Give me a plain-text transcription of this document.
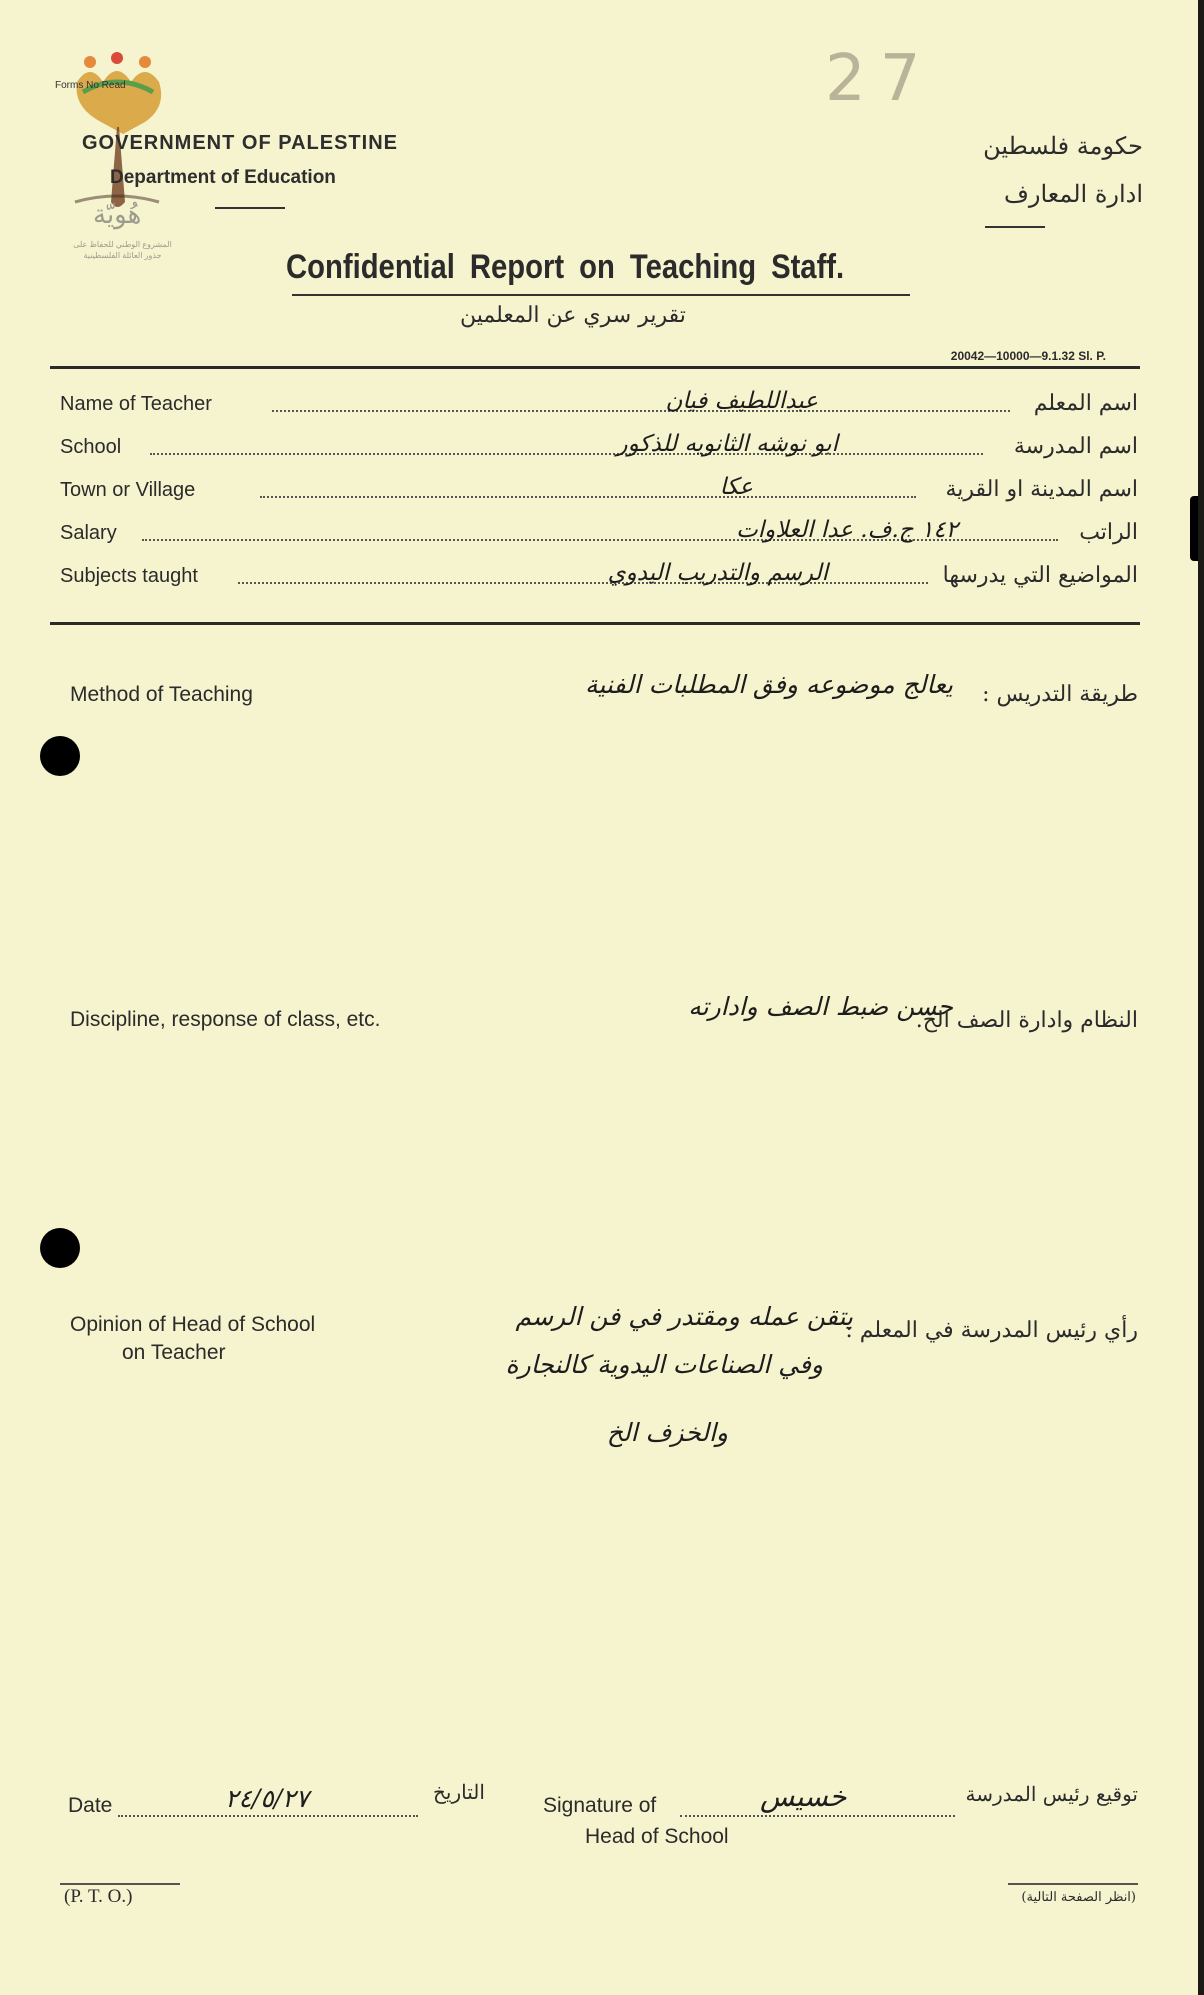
Forms No Read
هُويّة
المشروع الوطني للحفاظ على
جذور العائلة الفلسطينية
GOVERNMENT OF PALESTINE
Department of Education
27
حكومة فلسطين
ادارة المعارف
Confidential Report on Teaching Staff.
تقرير سري عن المعلمين
20042—10000—9.1.32 Sl. P.
Name of Teacher	عبداللطيف فيان	اسم المعلم
School	ابو نوشه الثانويه للذكور	اسم المدرسة
Town or Village	عكا	اسم المدينة او القرية
Salary	١٤٢ ج.ف. عدا العلاوات	الراتب
Subjects taught	الرسم والتدريب اليدوي	المواضيع التي يدرسها
Method of Teaching	يعالج موضوعه وفق المطلبات الفنية طريقة التدريس :
Discipline, response of class, etc.	حسن ضبط الصف وادارته
النظام وادارة الصف الخ.
Opinion of Head of School
on Teacher
رأي رئيس المدرسة في المعلم :
يتقن عمله ومقتدر في فن الرسم
وفي الصناعات اليدوية كالنجارة
والخزف الخ
Date	٢٤/٥/٢٧	التاريخ
Signature of	خسيس	توقيع رئيس المدرسة
Head of School
(P. T. O.)	(انظر الصفحة التالية)
